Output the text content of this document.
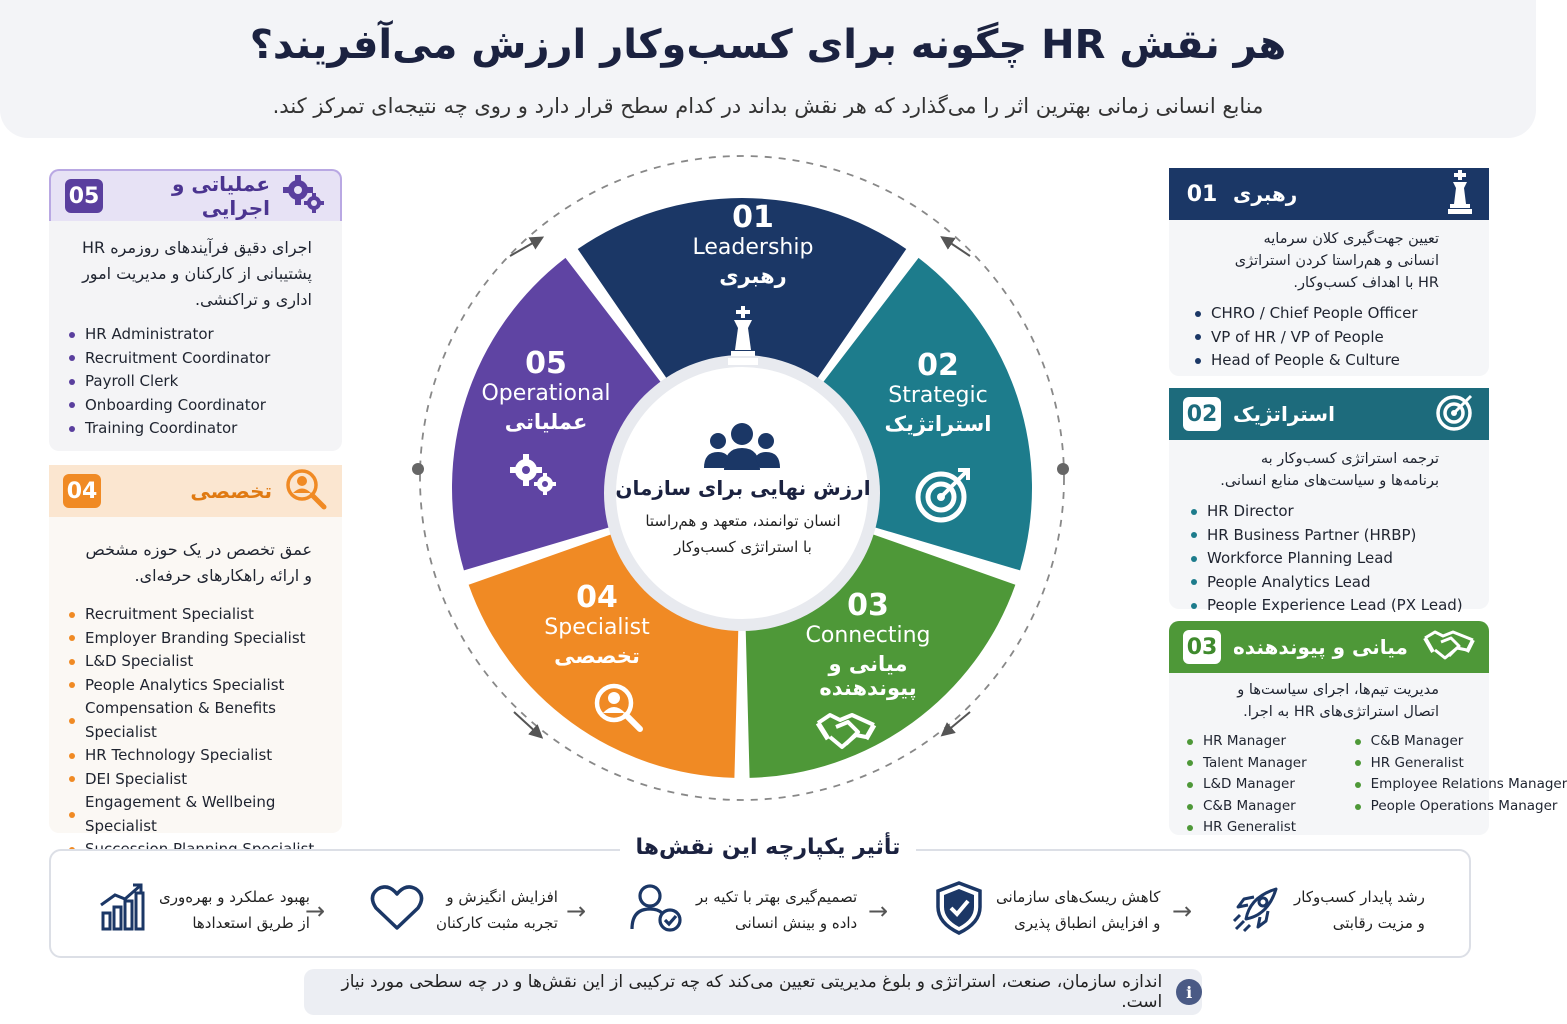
هر نقش HR چگونه برای کسب‌وکار ارزش می‌آفریند؟
منابع انسانی زمانی بهترین اثر را می‌گذارد که هر نقش بداند در کدام سطح قرار دارد و روی چه نتیجه‌ای تمرکز کند.
05	عملیاتی و اجرایی
اجرای دقیق فرآیندهای روزمره HR پشتیبانی از کارکنان و مدیریت امور اداری و تراکنشی.
HR Administrator
Recruitment Coordinator
Payroll Clerk
Onboarding Coordinator
Training Coordinator
04	تخصصی
عمق تخصص در یک حوزه مشخص و ارائه راهکارهای حرفه‌ای.
Recruitment Specialist
Employer Branding Specialist
L&D Specialist
People Analytics Specialist
Compensation & Benefits Specialist
HR Technology Specialist
DEI Specialist
Engagement & Wellbeing Specialist
01 رهبری
تعیین جهت‌گیری کلان سرمایه انسانی و هم‌راستا کردن استراتژی HR با اهداف کسب‌وکار.
CHRO / Chief People Officer
VP of HR / VP of People
Head of People & Culture
02 استراتژیک
ترجمه استراتژی کسب‌وکار به برنامه‌ها و سیاست‌های منابع انسانی.
HR Director
HR Business Partner (HRBP)
Workforce Planning Lead
People Analytics Lead
People Experience Lead (PX Lead)
03 میانی و پیوندهنده
مدیریت تیم‌ها، اجرای سیاست‌ها و اتصال استراتژی‌های HR به اجرا.
HR Manager
Talent Manager
L&D Manager
C&B Manager
HR Generalist
C&B Manager
HR Generalist
Employee Relations Manager
People Operations Manager
01
Leadership
رهبری
02
Strategic
استراتژیک
03
Connecting
میانی و
پیوندهنده
04
Specialist
تخصصی
05
Operational
عملیاتی
ارزش نهایی برای سازمان
انسان توانمند، متعهد و هم‌راستا
با استراتژی کسب‌وکار
تأثیر یکپارچه این نقش‌ها
رشد پایدار کسب‌وکار
و مزیت رقابتی
→
کاهش ریسک‌های سازمانی
و افزایش انطباق پذیری
→
تصمیم‌گیری بهتر با تکیه بر
داده و بینش انسانی
→
افزایش انگیزش و
تجربه مثبت کارکنان
→
بهبود عملکرد و بهره‌وری
از طریق استعدادها
اندازه سازمان، صنعت، استراتژی و بلوغ مدیریتی تعیین می‌کند که چه ترکیبی از این نقش‌ها و در چه سطحی مورد نیاز است.	i
